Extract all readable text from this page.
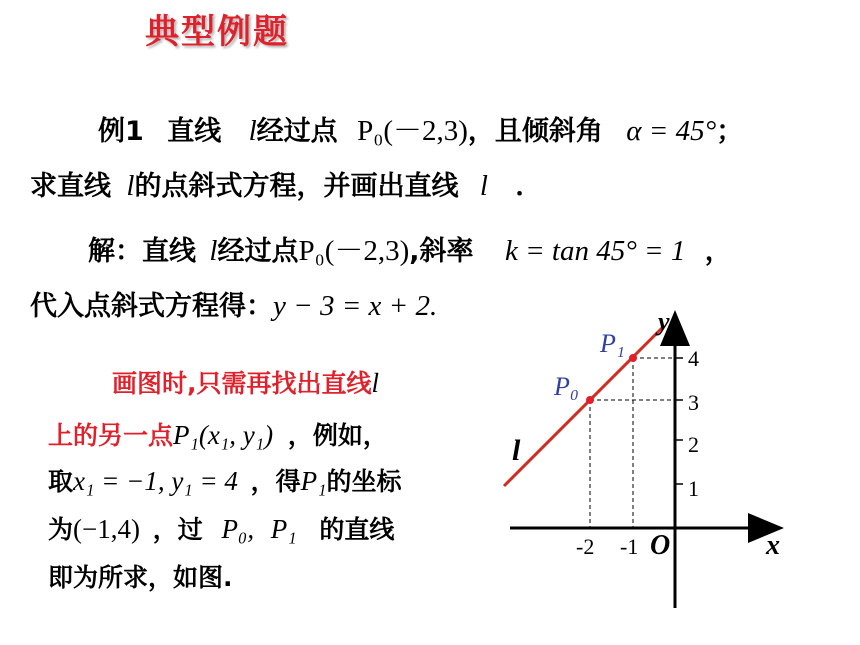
典型例题
例1 直线 l经过点 P₀(－2,3)，且倾斜角 α = 45°；
求直线 l的点斜式方程，并画出直线 l ．
解：直线 l经过点P₀(－2,3),斜率 k = tan 45° = 1 ，
代入点斜式方程得：y − 3 = x + 2.
画图时,只需再找出直线l
上的另一点P₁(x₁, y₁) ，例如，
取x₁ = −1, y₁ = 4 ，得P₁的坐标
为(−1,4) ，过 P₀, P₁ 的直线
即为所求，如图.
1
2
3
4
-2 -1
P₀
P₁
l
O	x
y
